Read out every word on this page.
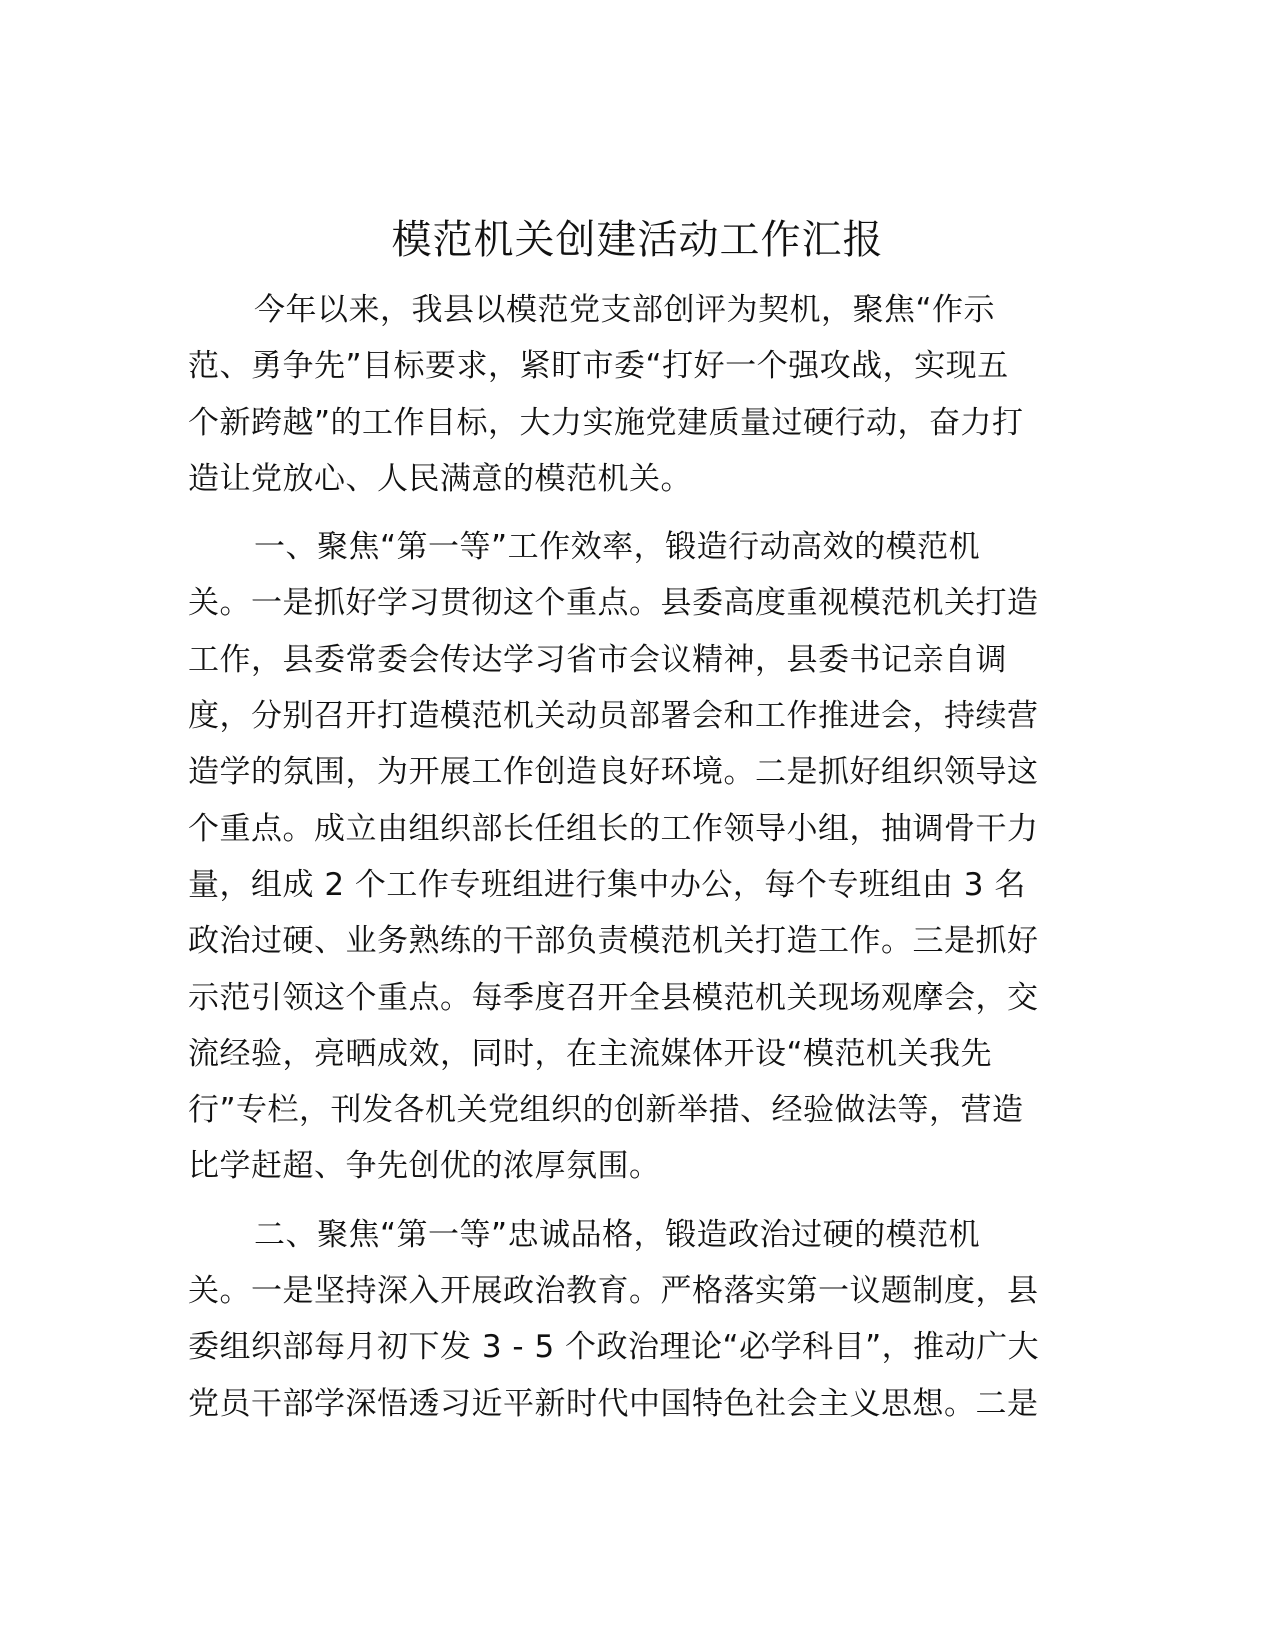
模范机关创建活动工作汇报
今年以来，我县以模范党支部创评为契机，聚焦“作示
范、勇争先”目标要求，紧盯市委“打好一个强攻战，实现五
个新跨越”的工作目标，大力实施党建质量过硬行动，奋力打
造让党放心、人民满意的模范机关。
一、聚焦“第一等”工作效率，锻造行动高效的模范机
关。一是抓好学习贯彻这个重点。县委高度重视模范机关打造
工作，县委常委会传达学习省市会议精神，县委书记亲自调
度，分别召开打造模范机关动员部署会和工作推进会，持续营
造学的氛围，为开展工作创造良好环境。二是抓好组织领导这
个重点。成立由组织部长任组长的工作领导小组，抽调骨干力
量，组成 2 个工作专班组进行集中办公，每个专班组由 3 名
政治过硬、业务熟练的干部负责模范机关打造工作。三是抓好
示范引领这个重点。每季度召开全县模范机关现场观摩会，交
流经验，亮晒成效，同时，在主流媒体开设“模范机关我先
行”专栏，刊发各机关党组织的创新举措、经验做法等，营造
比学赶超、争先创优的浓厚氛围。
二、聚焦“第一等”忠诚品格，锻造政治过硬的模范机
关。一是坚持深入开展政治教育。严格落实第一议题制度，县
委组织部每月初下发 3 - 5 个政治理论“必学科目”，推动广大
党员干部学深悟透习近平新时代中国特色社会主义思想。二是
